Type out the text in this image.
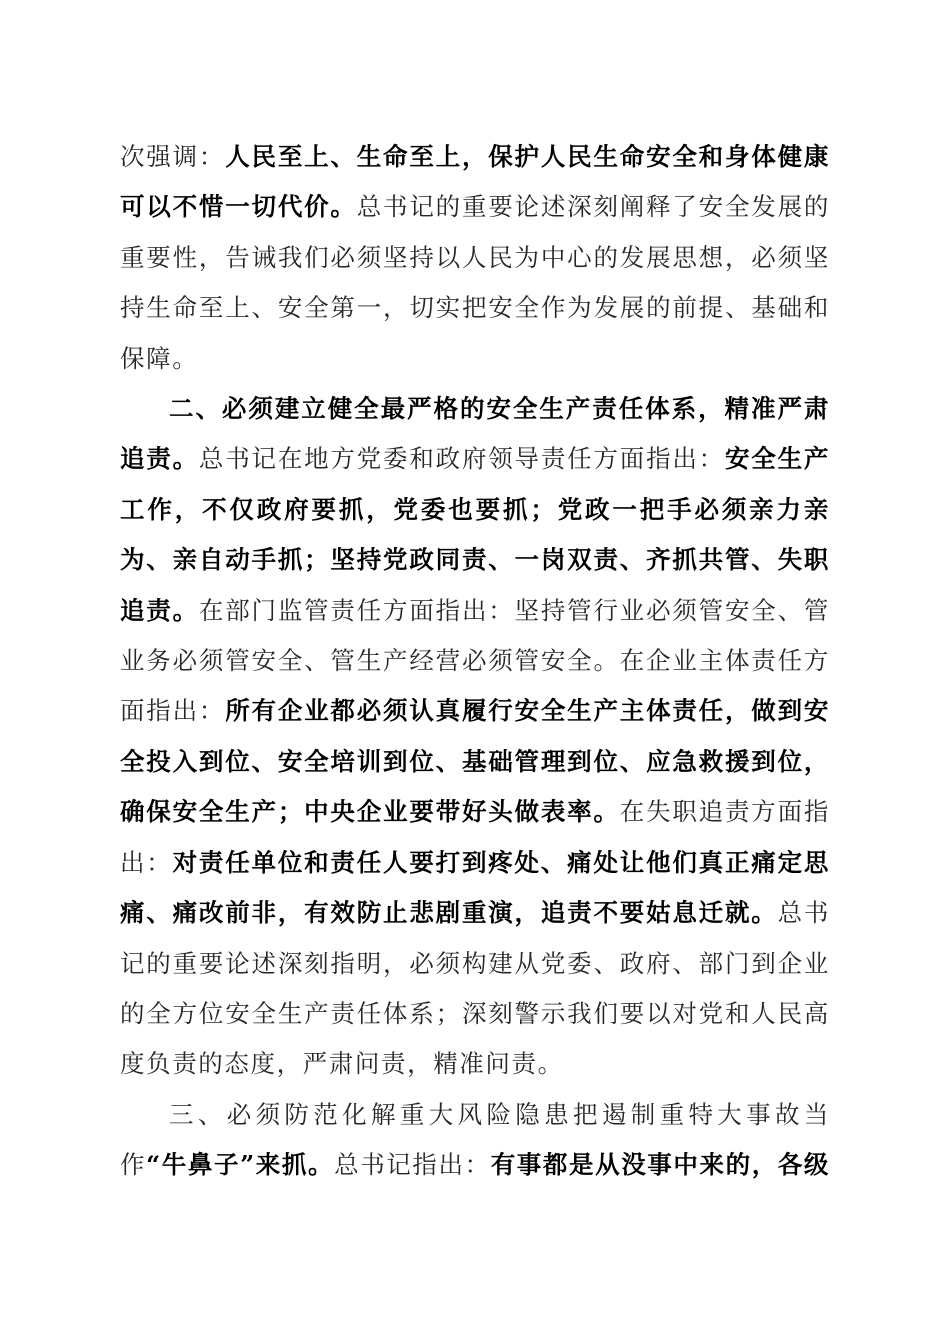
次强调：人民至上、生命至上，保护人民生命安全和身体健康可以不惜一切代价。总书记的重要论述深刻阐释了安全发展的重要性，告诫我们必须坚持以人民为中心的发展思想，必须坚持生命至上、安全第一，切实把安全作为发展的前提、基础和保障。

二、必须建立健全最严格的安全生产责任体系，精准严肃追责。总书记在地方党委和政府领导责任方面指出：安全生产工作，不仅政府要抓，党委也要抓；党政一把手必须亲力亲为、亲自动手抓；坚持党政同责、一岗双责、齐抓共管、失职追责。在部门监管责任方面指出：坚持管行业必须管安全、管业务必须管安全、管生产经营必须管安全。在企业主体责任方面指出：所有企业都必须认真履行安全生产主体责任，做到安全投入到位、安全培训到位、基础管理到位、应急救援到位，确保安全生产；中央企业要带好头做表率。在失职追责方面指出：对责任单位和责任人要打到疼处、痛处让他们真正痛定思痛、痛改前非，有效防止悲剧重演，追责不要姑息迁就。总书记的重要论述深刻指明，必须构建从党委、政府、部门到企业的全方位安全生产责任体系；深刻警示我们要以对党和人民高度负责的态度，严肃问责，精准问责。

三、必须防范化解重大风险隐患把遏制重特大事故当作“牛鼻子”来抓。总书记指出：有事都是从没事中来的，各级
